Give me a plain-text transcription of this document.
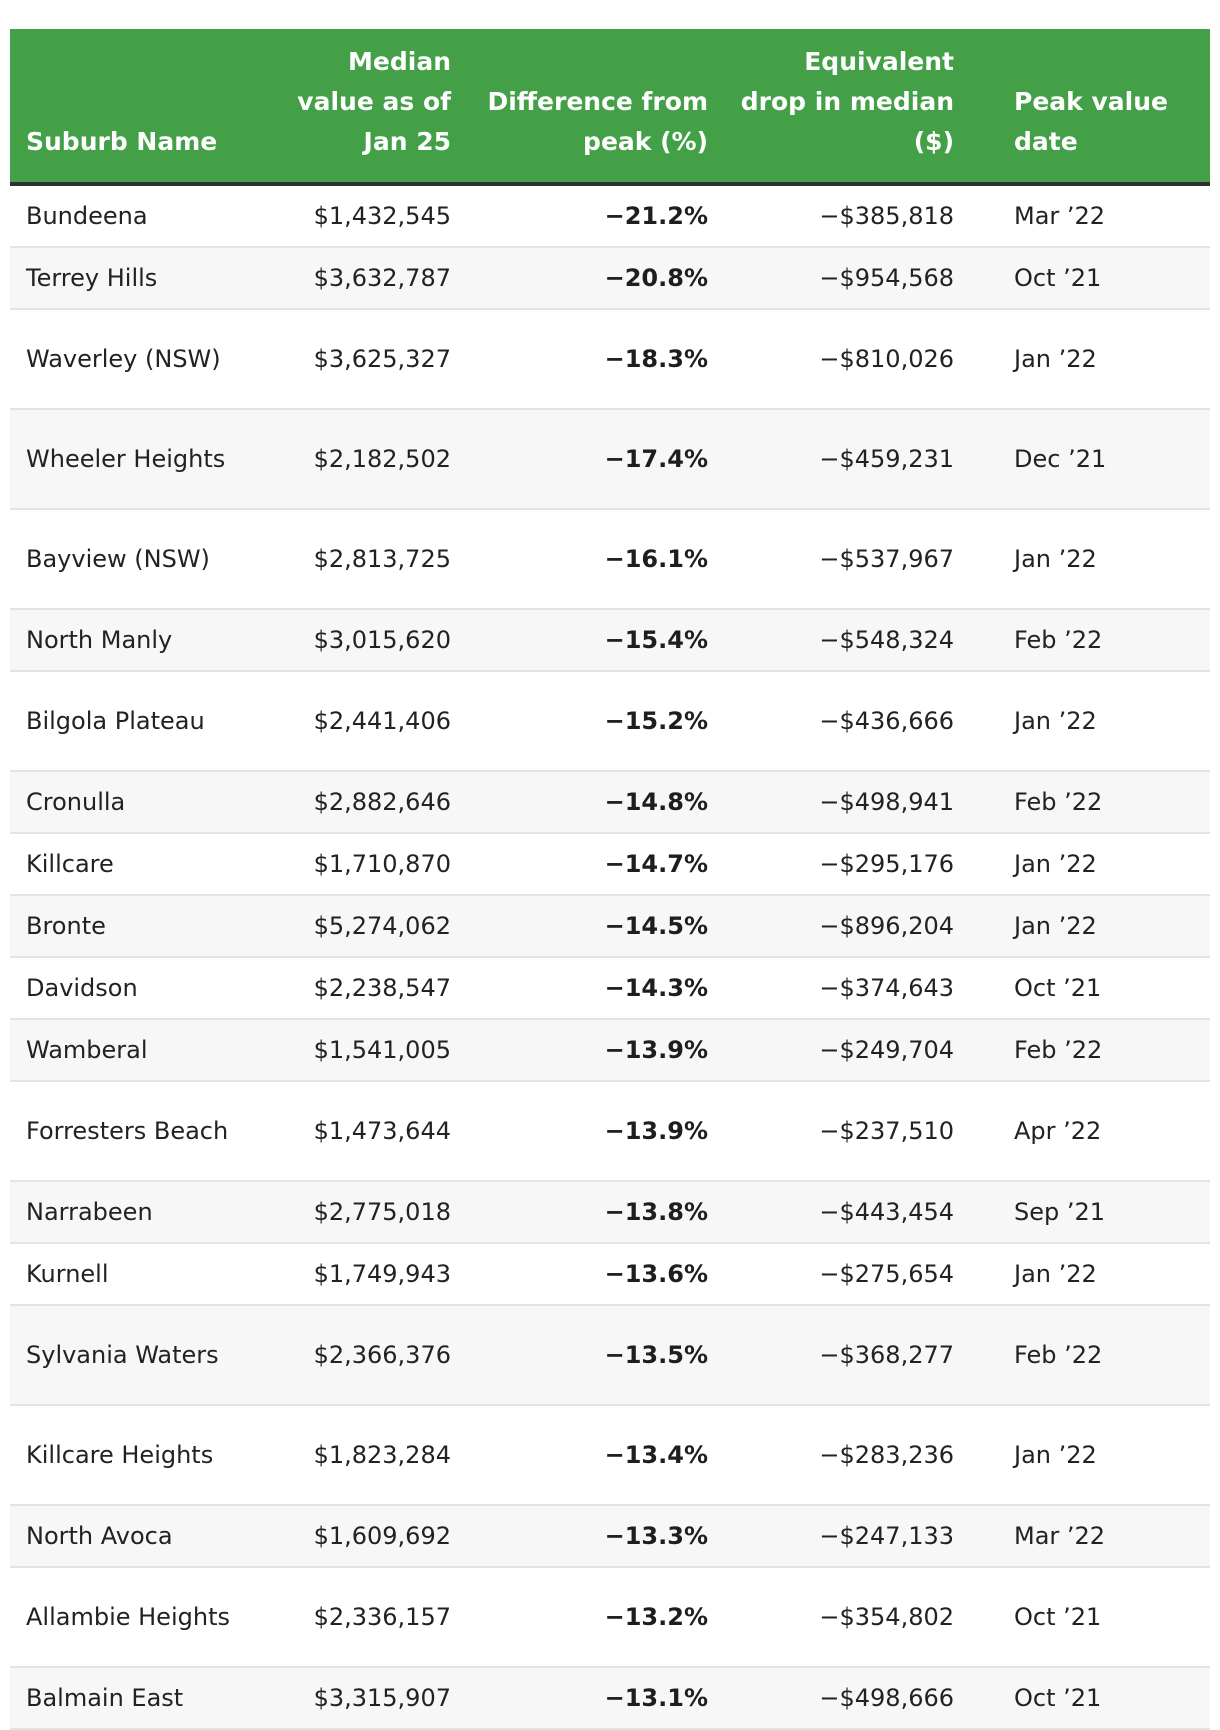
Suburb Name	Median value as of Jan 25	Difference from peak (%)	Equivalent drop in median ($)	Peak value date
Bundeena	$1,432,545	−21.2%	−$385,818	Mar ’22
Terrey Hills	$3,632,787	−20.8%	−$954,568	Oct ’21
Waverley (NSW)	$3,625,327	−18.3%	−$810,026	Jan ’22
Wheeler Heights	$2,182,502	−17.4%	−$459,231	Dec ’21
Bayview (NSW)	$2,813,725	−16.1%	−$537,967	Jan ’22
North Manly	$3,015,620	−15.4%	−$548,324	Feb ’22
Bilgola Plateau	$2,441,406	−15.2%	−$436,666	Jan ’22
Cronulla	$2,882,646	−14.8%	−$498,941	Feb ’22
Killcare	$1,710,870	−14.7%	−$295,176	Jan ’22
Bronte	$5,274,062	−14.5%	−$896,204	Jan ’22
Davidson	$2,238,547	−14.3%	−$374,643	Oct ’21
Wamberal	$1,541,005	−13.9%	−$249,704	Feb ’22
Forresters Beach	$1,473,644	−13.9%	−$237,510	Apr ’22
Narrabeen	$2,775,018	−13.8%	−$443,454	Sep ’21
Kurnell	$1,749,943	−13.6%	−$275,654	Jan ’22
Sylvania Waters	$2,366,376	−13.5%	−$368,277	Feb ’22
Killcare Heights	$1,823,284	−13.4%	−$283,236	Jan ’22
North Avoca	$1,609,692	−13.3%	−$247,133	Mar ’22
Allambie Heights	$2,336,157	−13.2%	−$354,802	Oct ’21
Balmain East	$3,315,907	−13.1%	−$498,666	Oct ’21
